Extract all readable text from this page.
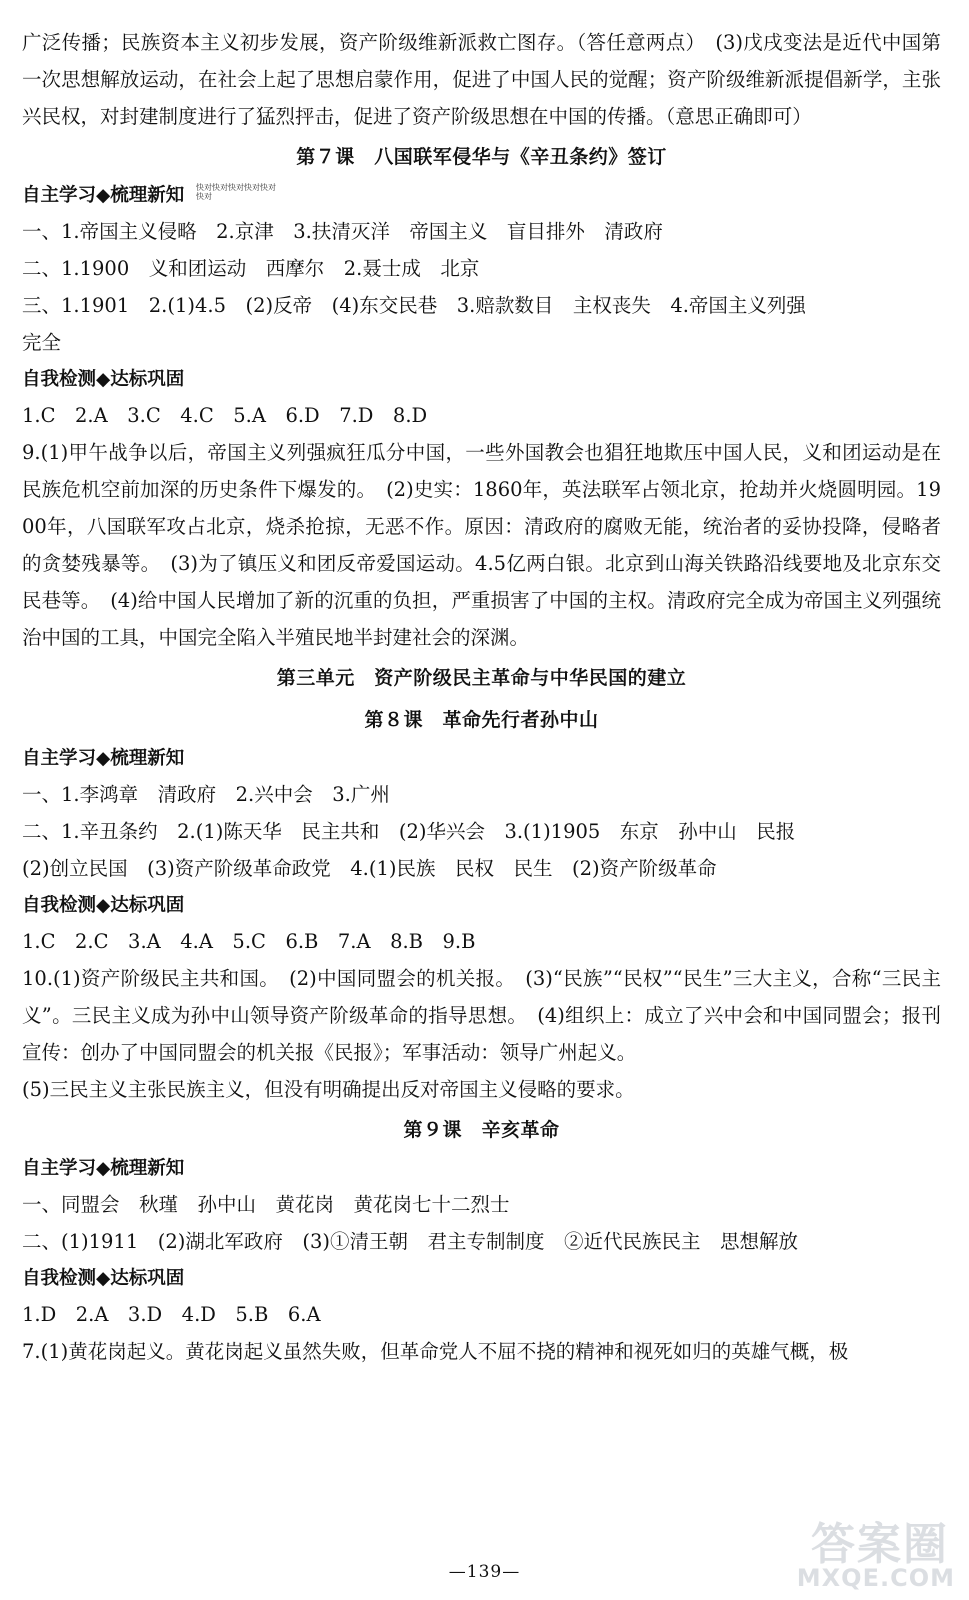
广泛传播；民族资本主义初步发展，资产阶级维新派救亡图存。（答任意两点）　(3)戊戌变法是近代中国第一次思想解放运动，在社会上起了思想启蒙作用，促进了中国人民的觉醒；资产阶级维新派提倡新学，主张兴民权，对封建制度进行了猛烈抨击，促进了资产阶级思想在中国的传播。（意思正确即可）

第７课　八国联军侵华与《辛丑条约》签订
自主学习◆梳理新知 快对快对快对快对快对快对

一、1.帝国主义侵略　2.京津　3.扶清灭洋　帝国主义　盲目排外　清政府

二、1.1900　义和团运动　西摩尔　2.聂士成　北京

三、1.1901　2.(1)4.5　(2)反帝　(4)东交民巷　3.赔款数目　主权丧失　4.帝国主义列强

完全

自我检测◆达标巩固

1.C　2.A　3.C　4.C　5.A　6.D　7.D　8.D

9.(1)甲午战争以后，帝国主义列强疯狂瓜分中国，一些外国教会也猖狂地欺压中国人民，义和团运动是在民族危机空前加深的历史条件下爆发的。　(2)史实：1860年，英法联军占领北京，抢劫并火烧圆明园。1900年，八国联军攻占北京，烧杀抢掠，无恶不作。原因：清政府的腐败无能，统治者的妥协投降，侵略者的贪婪残暴等。　(3)为了镇压义和团反帝爱国运动。4.5亿两白银。北京到山海关铁路沿线要地及北京东交民巷等。　(4)给中国人民增加了新的沉重的负担，严重损害了中国的主权。清政府完全成为帝国主义列强统治中国的工具，中国完全陷入半殖民地半封建社会的深渊。

第三单元　资产阶级民主革命与中华民国的建立
第８课　革命先行者孙中山
自主学习◆梳理新知

一、1.李鸿章　清政府　2.兴中会　3.广州

二、1.辛丑条约　2.(1)陈天华　民主共和　(2)华兴会　3.(1)1905　东京　孙中山　民报

(2)创立民国　(3)资产阶级革命政党　4.(1)民族　民权　民生　(2)资产阶级革命

自我检测◆达标巩固

1.C　2.C　3.A　4.A　5.C　6.B　7.A　8.B　9.B

10.(1)资产阶级民主共和国。　(2)中国同盟会的机关报。　(3)“民族”“民权”“民生”三大主义，合称“三民主义”。三民主义成为孙中山领导资产阶级革命的指导思想。　(4)组织上：成立了兴中会和中国同盟会；报刊宣传：创办了中国同盟会的机关报《民报》；军事活动：领导广州起义。

(5)三民主义主张民族主义，但没有明确提出反对帝国主义侵略的要求。

第９课　辛亥革命
自主学习◆梳理新知

一、同盟会　秋瑾　孙中山　黄花岗　黄花岗七十二烈士

二、(1)1911　(2)湖北军政府　(3)①清王朝　君主专制制度　②近代民族民主　思想解放

自我检测◆达标巩固

1.D　2.A　3.D　4.D　5.B　6.A

7.(1)黄花岗起义。黄花岗起义虽然失败，但革命党人不屈不挠的精神和视死如归的英雄气概，极

—139—
答案圈
MXQE.COM
